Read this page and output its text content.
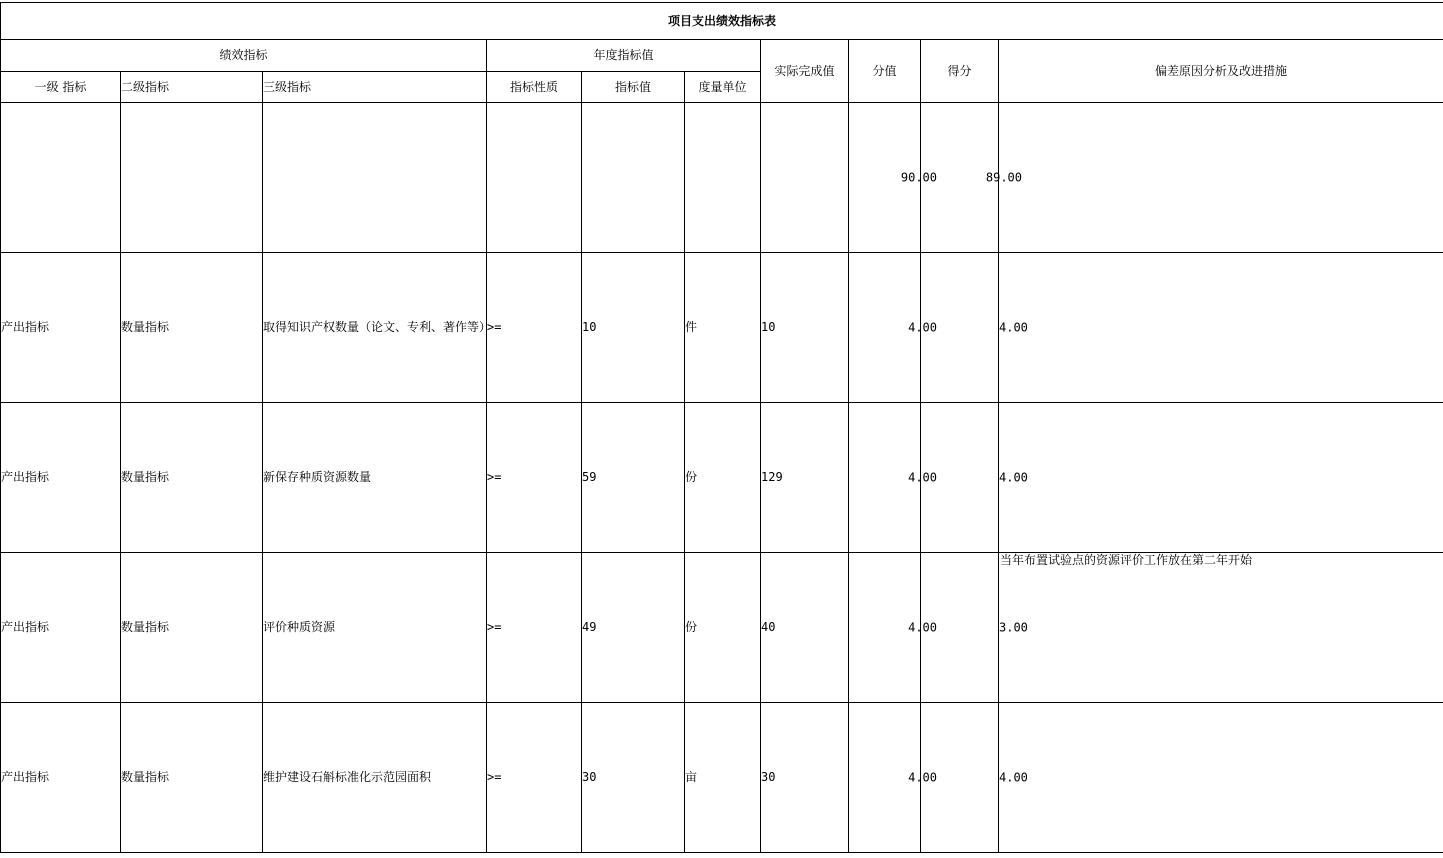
项目支出绩效指标表									
绩效指标			年度指标值			实际完成值	分值	得分	偏差原因分析及改进措施
一级 指标	二级指标	三级指标	指标性质	指标值	度量单位				

							90.00	89.00	

产出指标	数量指标	取得知识产权数量（论文、专利、著作等）	>=	10	件	10	4.00		4.00

产出指标	数量指标	新保存种质资源数量	>=	59	份	129	4.00		4.00

产出指标	数量指标	评价种质资源	>=	49	份	40	4.00		当年布置试验点的资源评价工作放在第二年开始
3.00

产出指标	数量指标	维护建设石斛标准化示范园面积	>=	30	亩	30	4.00		4.00
